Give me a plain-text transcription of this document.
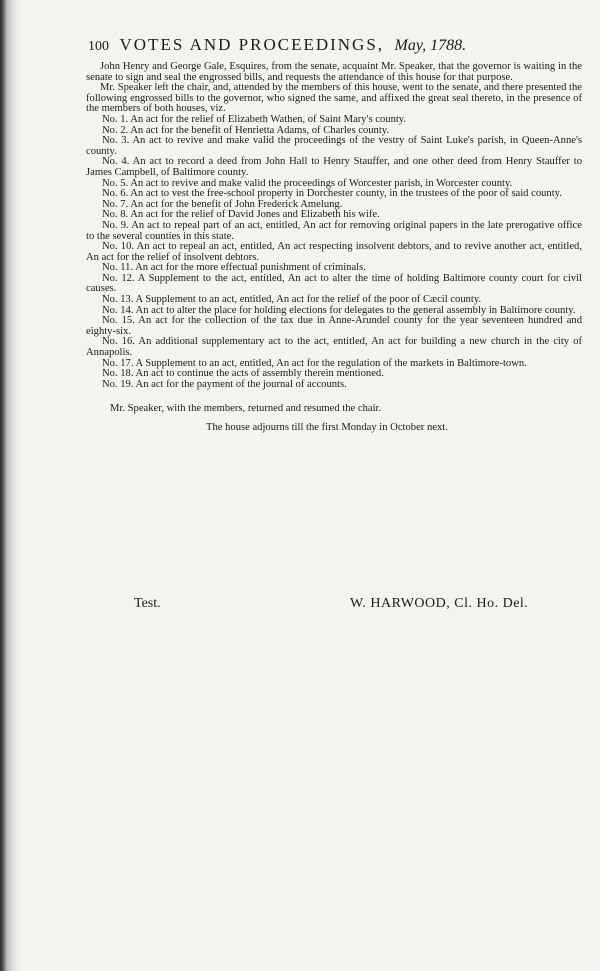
100 VOTES AND PROCEEDINGS, May, 1788.

John Henry and George Gale, Esquires, from the senate, acquaint Mr. Speaker, that the governor is waiting in the senate to sign and seal the engrossed bills, and requests the attendance of this house for that purpose.

Mr. Speaker left the chair, and, attended by the members of this house, went to the senate, and there presented the following engrossed bills to the governor, who signed the same, and affixed the great seal thereto, in the presence of the members of both houses, viz.

No. 1. An act for the relief of Elizabeth Wathen, of Saint Mary's county.

No. 2. An act for the benefit of Henrietta Adams, of Charles county.

No. 3. An act to revive and make valid the proceedings of the vestry of Saint Luke's parish, in Queen-Anne's county.

No. 4. An act to record a deed from John Hall to Henry Stauffer, and one other deed from Henry Stauffer to James Campbell, of Baltimore county.

No. 5. An act to revive and make valid the proceedings of Worcester parish, in Worcester county.

No. 6. An act to vest the free-school property in Dorchester county, in the trustees of the poor of said county.

No. 7. An act for the benefit of John Frederick Amelung.

No. 8. An act for the relief of David Jones and Elizabeth his wife.

No. 9. An act to repeal part of an act, entitled, An act for removing original papers in the late prerogative office to the several counties in this state.

No. 10. An act to repeal an act, entitled, An act respecting insolvent debtors, and to revive another act, entitled, An act for the relief of insolvent debtors.

No. 11. An act for the more effectual punishment of criminals.

No. 12. A Supplement to the act, entitled, An act to alter the time of holding Baltimore county court for civil causes.

No. 13. A Supplement to an act, entitled, An act for the relief of the poor of Cæcil county.

No. 14. An act to alter the place for holding elections for delegates to the general assembly in Baltimore county.

No. 15. An act for the collection of the tax due in Anne-Arundel county for the year seventeen hundred and eighty-six.

No. 16. An additional supplementary act to the act, entitled, An act for building a new church in the city of Annapolis.

No. 17. A Supplement to an act, entitled, An act for the regulation of the markets in Baltimore-town.

No. 18. An act to continue the acts of assembly therein mentioned.

No. 19. An act for the payment of the journal of accounts.

Mr. Speaker, with the members, returned and resumed the chair.

The house adjourns till the first Monday in October next.

Test.	W. HARWOOD, Cl. Ho. Del.
